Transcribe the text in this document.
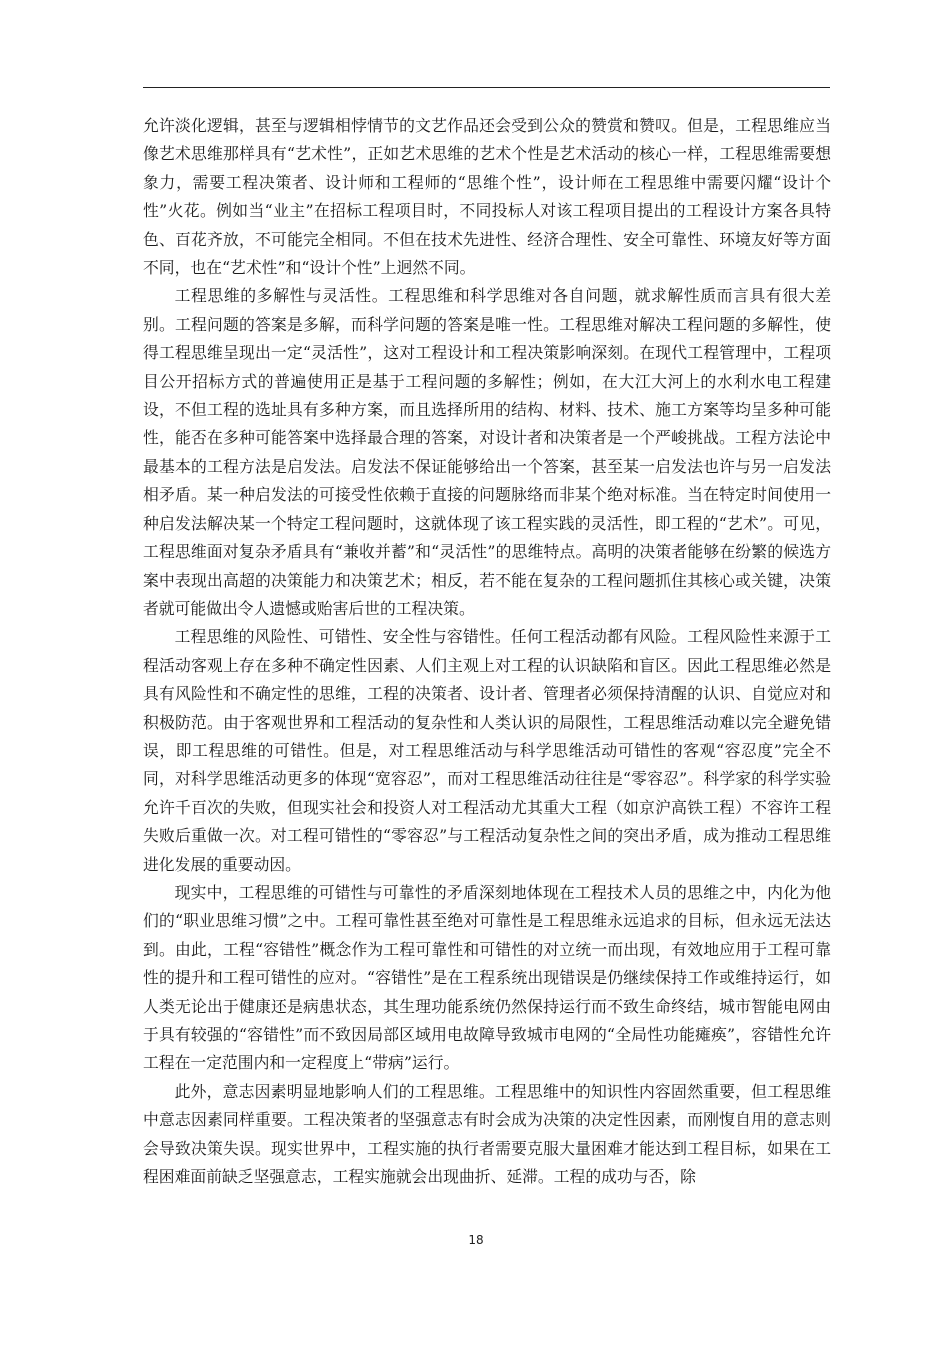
允许淡化逻辑，甚至与逻辑相悖情节的文艺作品还会受到公众的赞赏和赞叹。但是，工程思维应当像艺术思维那样具有“艺术性”，正如艺术思维的艺术个性是艺术活动的核心一样，工程思维需要想象力，需要工程决策者、设计师和工程师的“思维个性”，设计师在工程思维中需要闪耀“设计个性”火花。例如当“业主”在招标工程项目时，不同投标人对该工程项目提出的工程设计方案各具特色、百花齐放，不可能完全相同。不但在技术先进性、经济合理性、安全可靠性、环境友好等方面不同，也在“艺术性”和“设计个性”上迥然不同。

工程思维的多解性与灵活性。工程思维和科学思维对各自问题，就求解性质而言具有很大差别。工程问题的答案是多解，而科学问题的答案是唯一性。工程思维对解决工程问题的多解性，使得工程思维呈现出一定“灵活性”，这对工程设计和工程决策影响深刻。在现代工程管理中，工程项目公开招标方式的普遍使用正是基于工程问题的多解性；例如，在大江大河上的水利水电工程建设，不但工程的选址具有多种方案，而且选择所用的结构、材料、技术、施工方案等均呈多种可能性，能否在多种可能答案中选择最合理的答案，对设计者和决策者是一个严峻挑战。工程方法论中最基本的工程方法是启发法。启发法不保证能够给出一个答案，甚至某一启发法也许与另一启发法相矛盾。某一种启发法的可接受性依赖于直接的问题脉络而非某个绝对标准。当在特定时间使用一种启发法解决某一个特定工程问题时，这就体现了该工程实践的灵活性，即工程的“艺术”。可见，工程思维面对复杂矛盾具有“兼收并蓄”和“灵活性”的思维特点。高明的决策者能够在纷繁的候选方案中表现出高超的决策能力和决策艺术；相反，若不能在复杂的工程问题抓住其核心或关键，决策者就可能做出令人遗憾或贻害后世的工程决策。

工程思维的风险性、可错性、安全性与容错性。任何工程活动都有风险。工程风险性来源于工程活动客观上存在多种不确定性因素、人们主观上对工程的认识缺陷和盲区。因此工程思维必然是具有风险性和不确定性的思维，工程的决策者、设计者、管理者必须保持清醒的认识、自觉应对和积极防范。由于客观世界和工程活动的复杂性和人类认识的局限性，工程思维活动难以完全避免错误，即工程思维的可错性。但是，对工程思维活动与科学思维活动可错性的客观“容忍度”完全不同，对科学思维活动更多的体现“宽容忍”，而对工程思维活动往往是“零容忍”。科学家的科学实验允许千百次的失败，但现实社会和投资人对工程活动尤其重大工程（如京沪高铁工程）不容许工程失败后重做一次。对工程可错性的“零容忍”与工程活动复杂性之间的突出矛盾，成为推动工程思维进化发展的重要动因。

现实中，工程思维的可错性与可靠性的矛盾深刻地体现在工程技术人员的思维之中，内化为他们的“职业思维习惯”之中。工程可靠性甚至绝对可靠性是工程思维永远追求的目标，但永远无法达到。由此，工程“容错性”概念作为工程可靠性和可错性的对立统一而出现，有效地应用于工程可靠性的提升和工程可错性的应对。“容错性”是在工程系统出现错误是仍继续保持工作或维持运行，如人类无论出于健康还是病患状态，其生理功能系统仍然保持运行而不致生命终结，城市智能电网由于具有较强的“容错性”而不致因局部区域用电故障导致城市电网的“全局性功能瘫痪”，容错性允许工程在一定范围内和一定程度上“带病”运行。

此外，意志因素明显地影响人们的工程思维。工程思维中的知识性内容固然重要，但工程思维中意志因素同样重要。工程决策者的坚强意志有时会成为决策的决定性因素，而刚愎自用的意志则会导致决策失误。现实世界中，工程实施的执行者需要克服大量困难才能达到工程目标，如果在工程困难面前缺乏坚强意志，工程实施就会出现曲折、延滞。工程的成功与否，除

18
